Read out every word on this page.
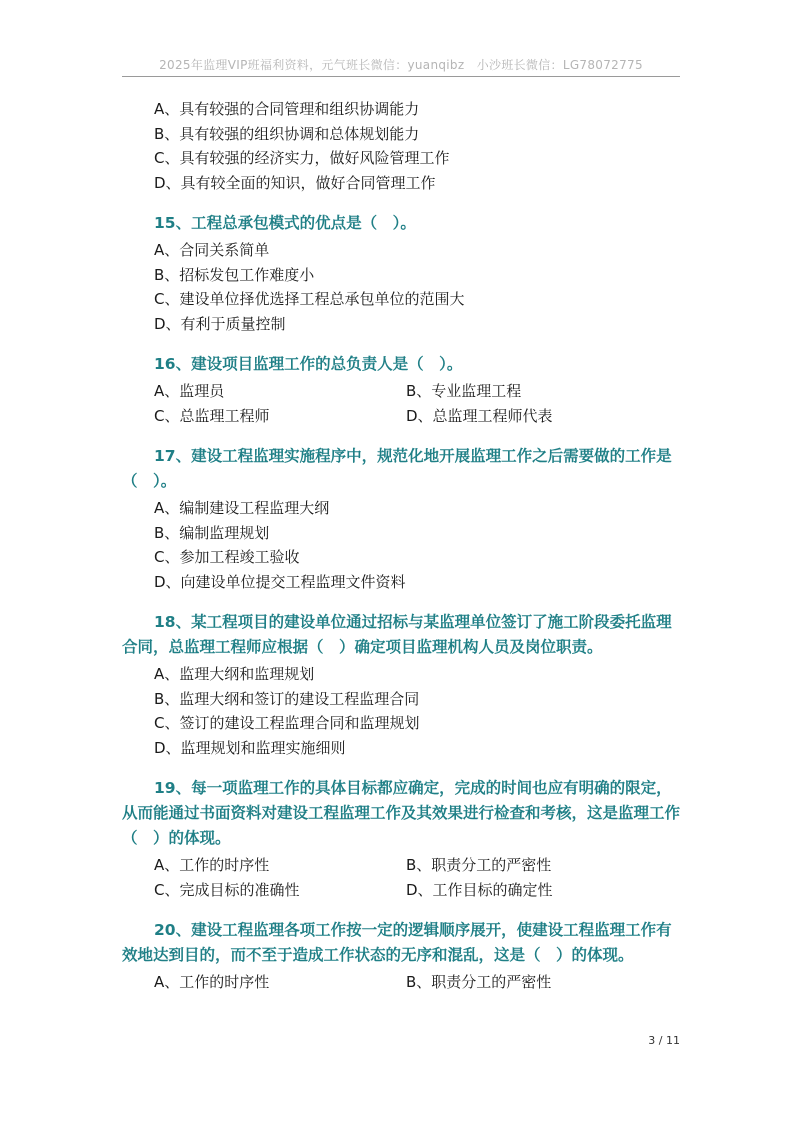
2025年监理VIP班福利资料，元气班长微信：yuanqibz　小沙班长微信：LG78072775
A、具有较强的合同管理和组织协调能力
B、具有较强的组织协调和总体规划能力
C、具有较强的经济实力，做好风险管理工作
D、具有较全面的知识，做好合同管理工作
15、工程总承包模式的优点是（　）。
A、合同关系简单
B、招标发包工作难度小
C、建设单位择优选择工程总承包单位的范围大
D、有利于质量控制
16、建设项目监理工作的总负责人是（　）。
A、监理员	B、专业监理工程
C、总监理工程师	D、总监理工程师代表
17、建设工程监理实施程序中，规范化地开展监理工作之后需要做的工作是（　）。
A、编制建设工程监理大纲
B、编制监理规划
C、参加工程竣工验收
D、向建设单位提交工程监理文件资料
18、某工程项目的建设单位通过招标与某监理单位签订了施工阶段委托监理合同，总监理工程师应根据（　）确定项目监理机构人员及岗位职责。
A、监理大纲和监理规划
B、监理大纲和签订的建设工程监理合同
C、签订的建设工程监理合同和监理规划
D、监理规划和监理实施细则
19、每一项监理工作的具体目标都应确定，完成的时间也应有明确的限定，从而能通过书面资料对建设工程监理工作及其效果进行检查和考核，这是监理工作（　）的体现。
A、工作的时序性	B、职责分工的严密性
C、完成目标的准确性	D、工作目标的确定性
20、建设工程监理各项工作按一定的逻辑顺序展开，使建设工程监理工作有效地达到目的，而不至于造成工作状态的无序和混乱，这是（　）的体现。
A、工作的时序性	B、职责分工的严密性
3 / 11
